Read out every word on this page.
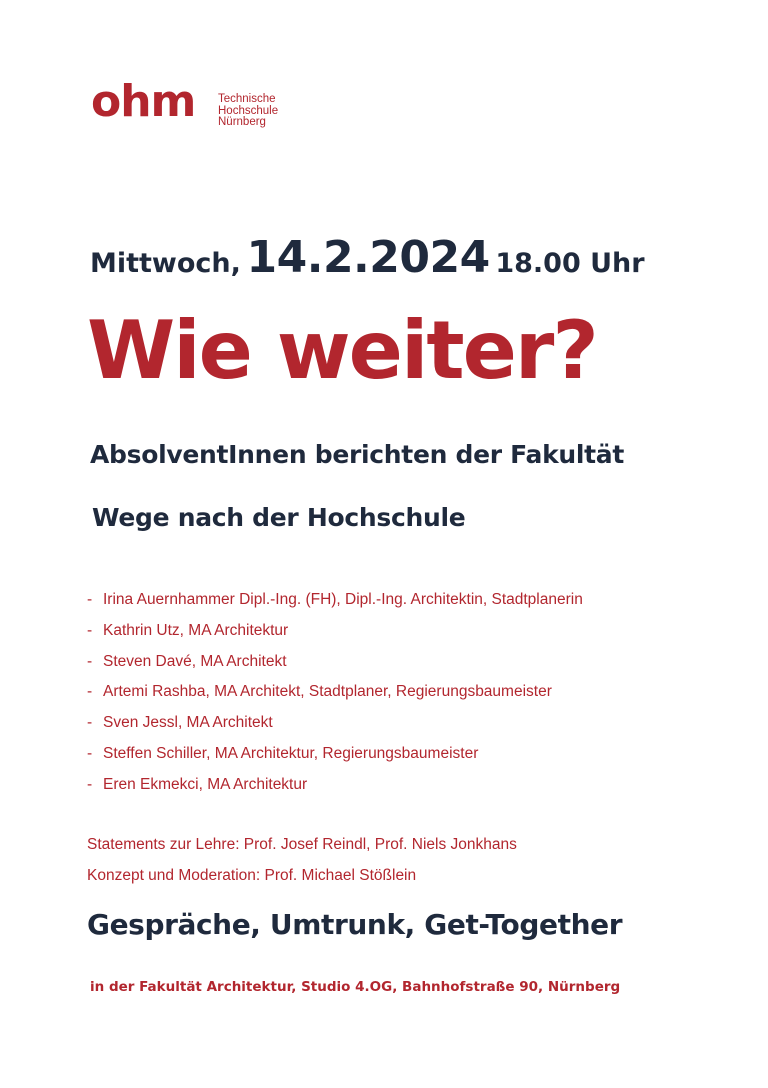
ohm Technische
Hochschule
Nürnberg
Mittwoch, 14.2.2024 18.00 Uhr
Wie weiter?
AbsolventInnen berichten der Fakultät
Wege nach der Hochschule
- Irina Auernhammer Dipl.-Ing. (FH), Dipl.-Ing. Architektin, Stadtplanerin
- Kathrin Utz, MA Architektur
- Steven Davé, MA Architekt
- Artemi Rashba, MA Architekt, Stadtplaner, Regierungsbaumeister
- Sven Jessl, MA Architekt
- Steffen Schiller, MA Architektur, Regierungsbaumeister
- Eren Ekmekci, MA Architektur
Statements zur Lehre: Prof. Josef Reindl, Prof. Niels Jonkhans
Konzept und Moderation: Prof. Michael Stößlein
Gespräche, Umtrunk, Get-Together
in der Fakultät Architektur, Studio 4.OG, Bahnhofstraße 90, Nürnberg
